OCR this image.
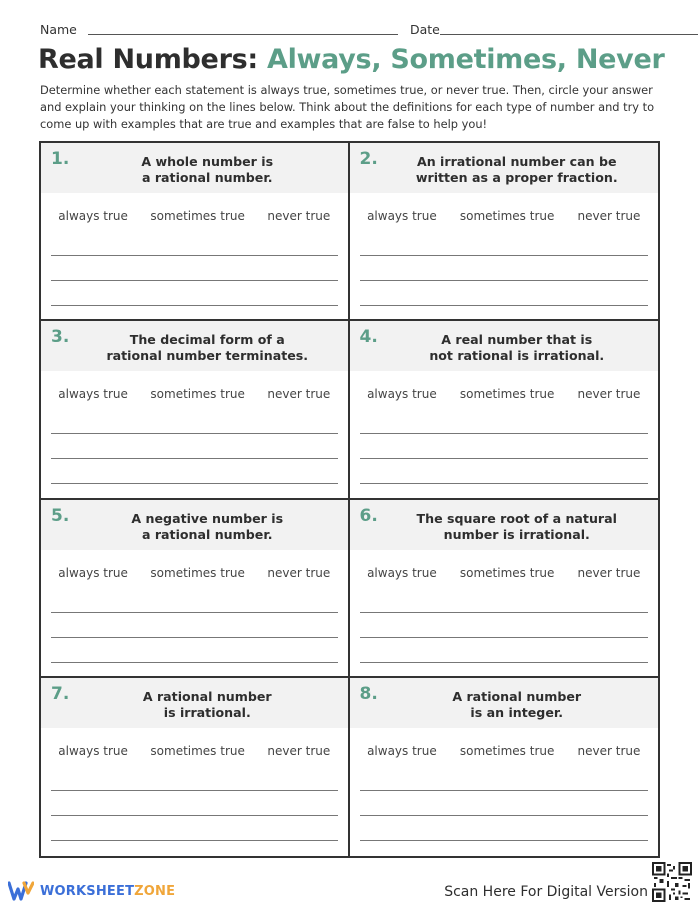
Name	Date
Real Numbers: Always, Sometimes, Never

Determine whether each statement is always true, sometimes true, or never true. Then, circle your answer and explain your thinking on the lines below. Think about the definitions for each type of number and try to come up with examples that are true and examples that are false to help you!

1.	A whole number is
a rational number.
always true sometimes true never true
2.	An irrational number can be
written as a proper fraction.
always true sometimes true never true
3.	The decimal form of a
rational number terminates.
always true sometimes true never true
4.	A real number that is
not rational is irrational.
always true sometimes true never true
5.	A negative number is
a rational number.
always true sometimes true never true
6.	The square root of a natural
number is irrational.
always true sometimes true never true
7.	A rational number
is irrational.
always true sometimes true never true
8.	A rational number
is an integer.
always true sometimes true never true
WORKSHEETZONE	Scan Here For Digital Version
